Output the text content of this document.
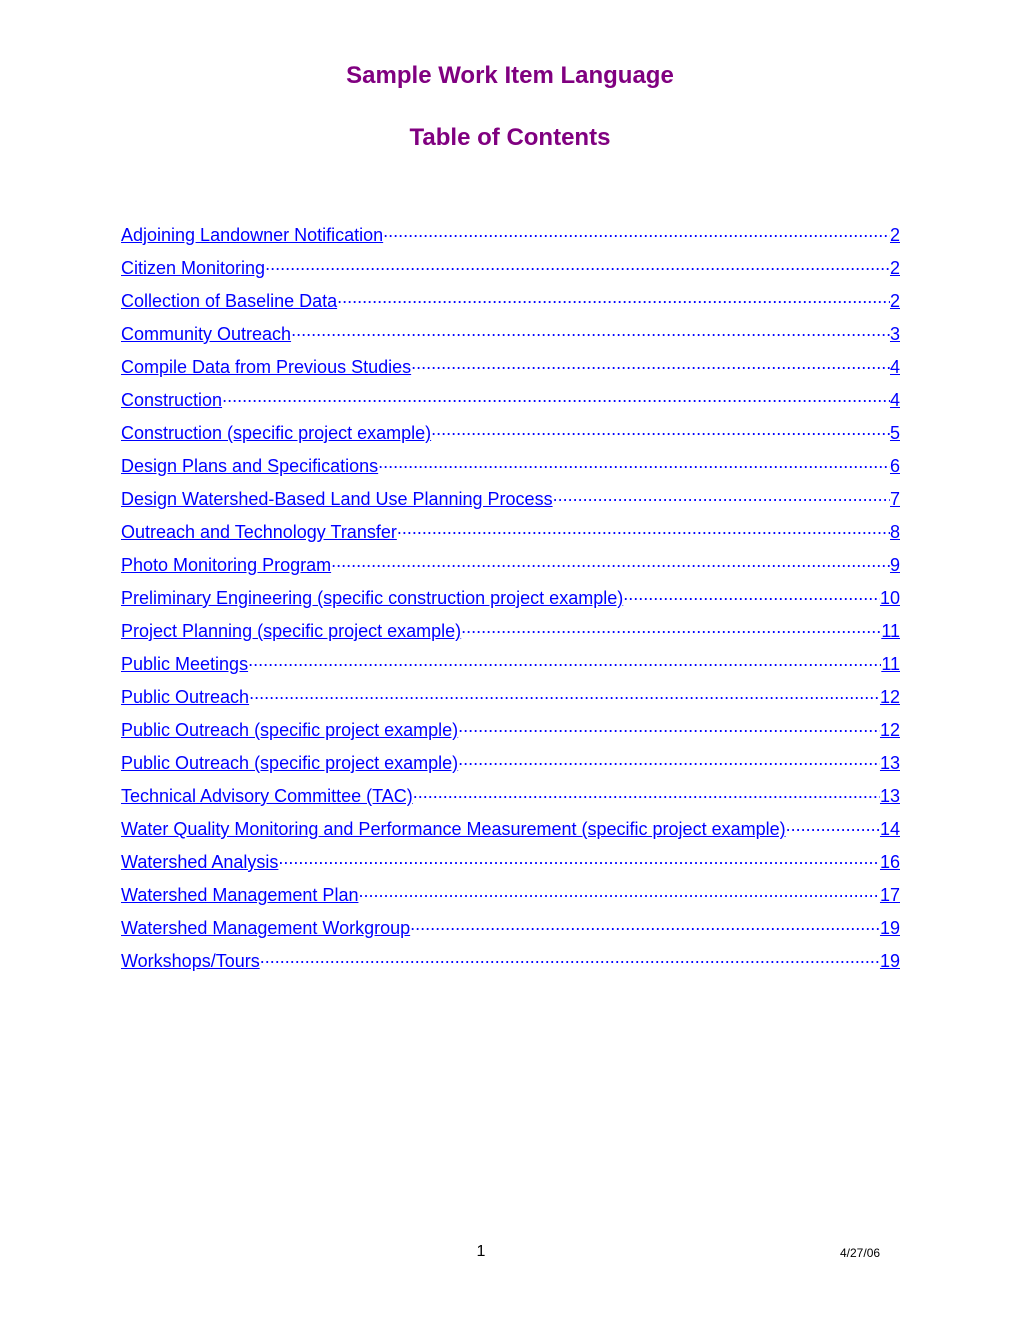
Sample Work Item Language
Table of Contents
Adjoining Landowner Notification .....	2
Citizen Monitoring .....	2
Collection of Baseline Data .....	2
Community Outreach .....	3
Compile Data from Previous Studies .....	4
Construction .....	4
Construction (specific project example) .....	5
Design Plans and Specifications .....	6
Design Watershed-Based Land Use Planning Process .....	7
Outreach and Technology Transfer .....	8
Photo Monitoring Program .....	9
Preliminary Engineering (specific construction project example) .....	10
Project Planning (specific project example) .....	11
Public Meetings .....	11
Public Outreach .....	12
Public Outreach (specific project example) .....	12
Public Outreach (specific project example) .....	13
Technical Advisory Committee (TAC) .....	13
Water Quality Monitoring and Performance Measurement (specific project example) .....	14
Watershed Analysis .....	16
Watershed Management Plan .....	17
Watershed Management Workgroup .....	19
Workshops/Tours .....	19

1	4/27/06
